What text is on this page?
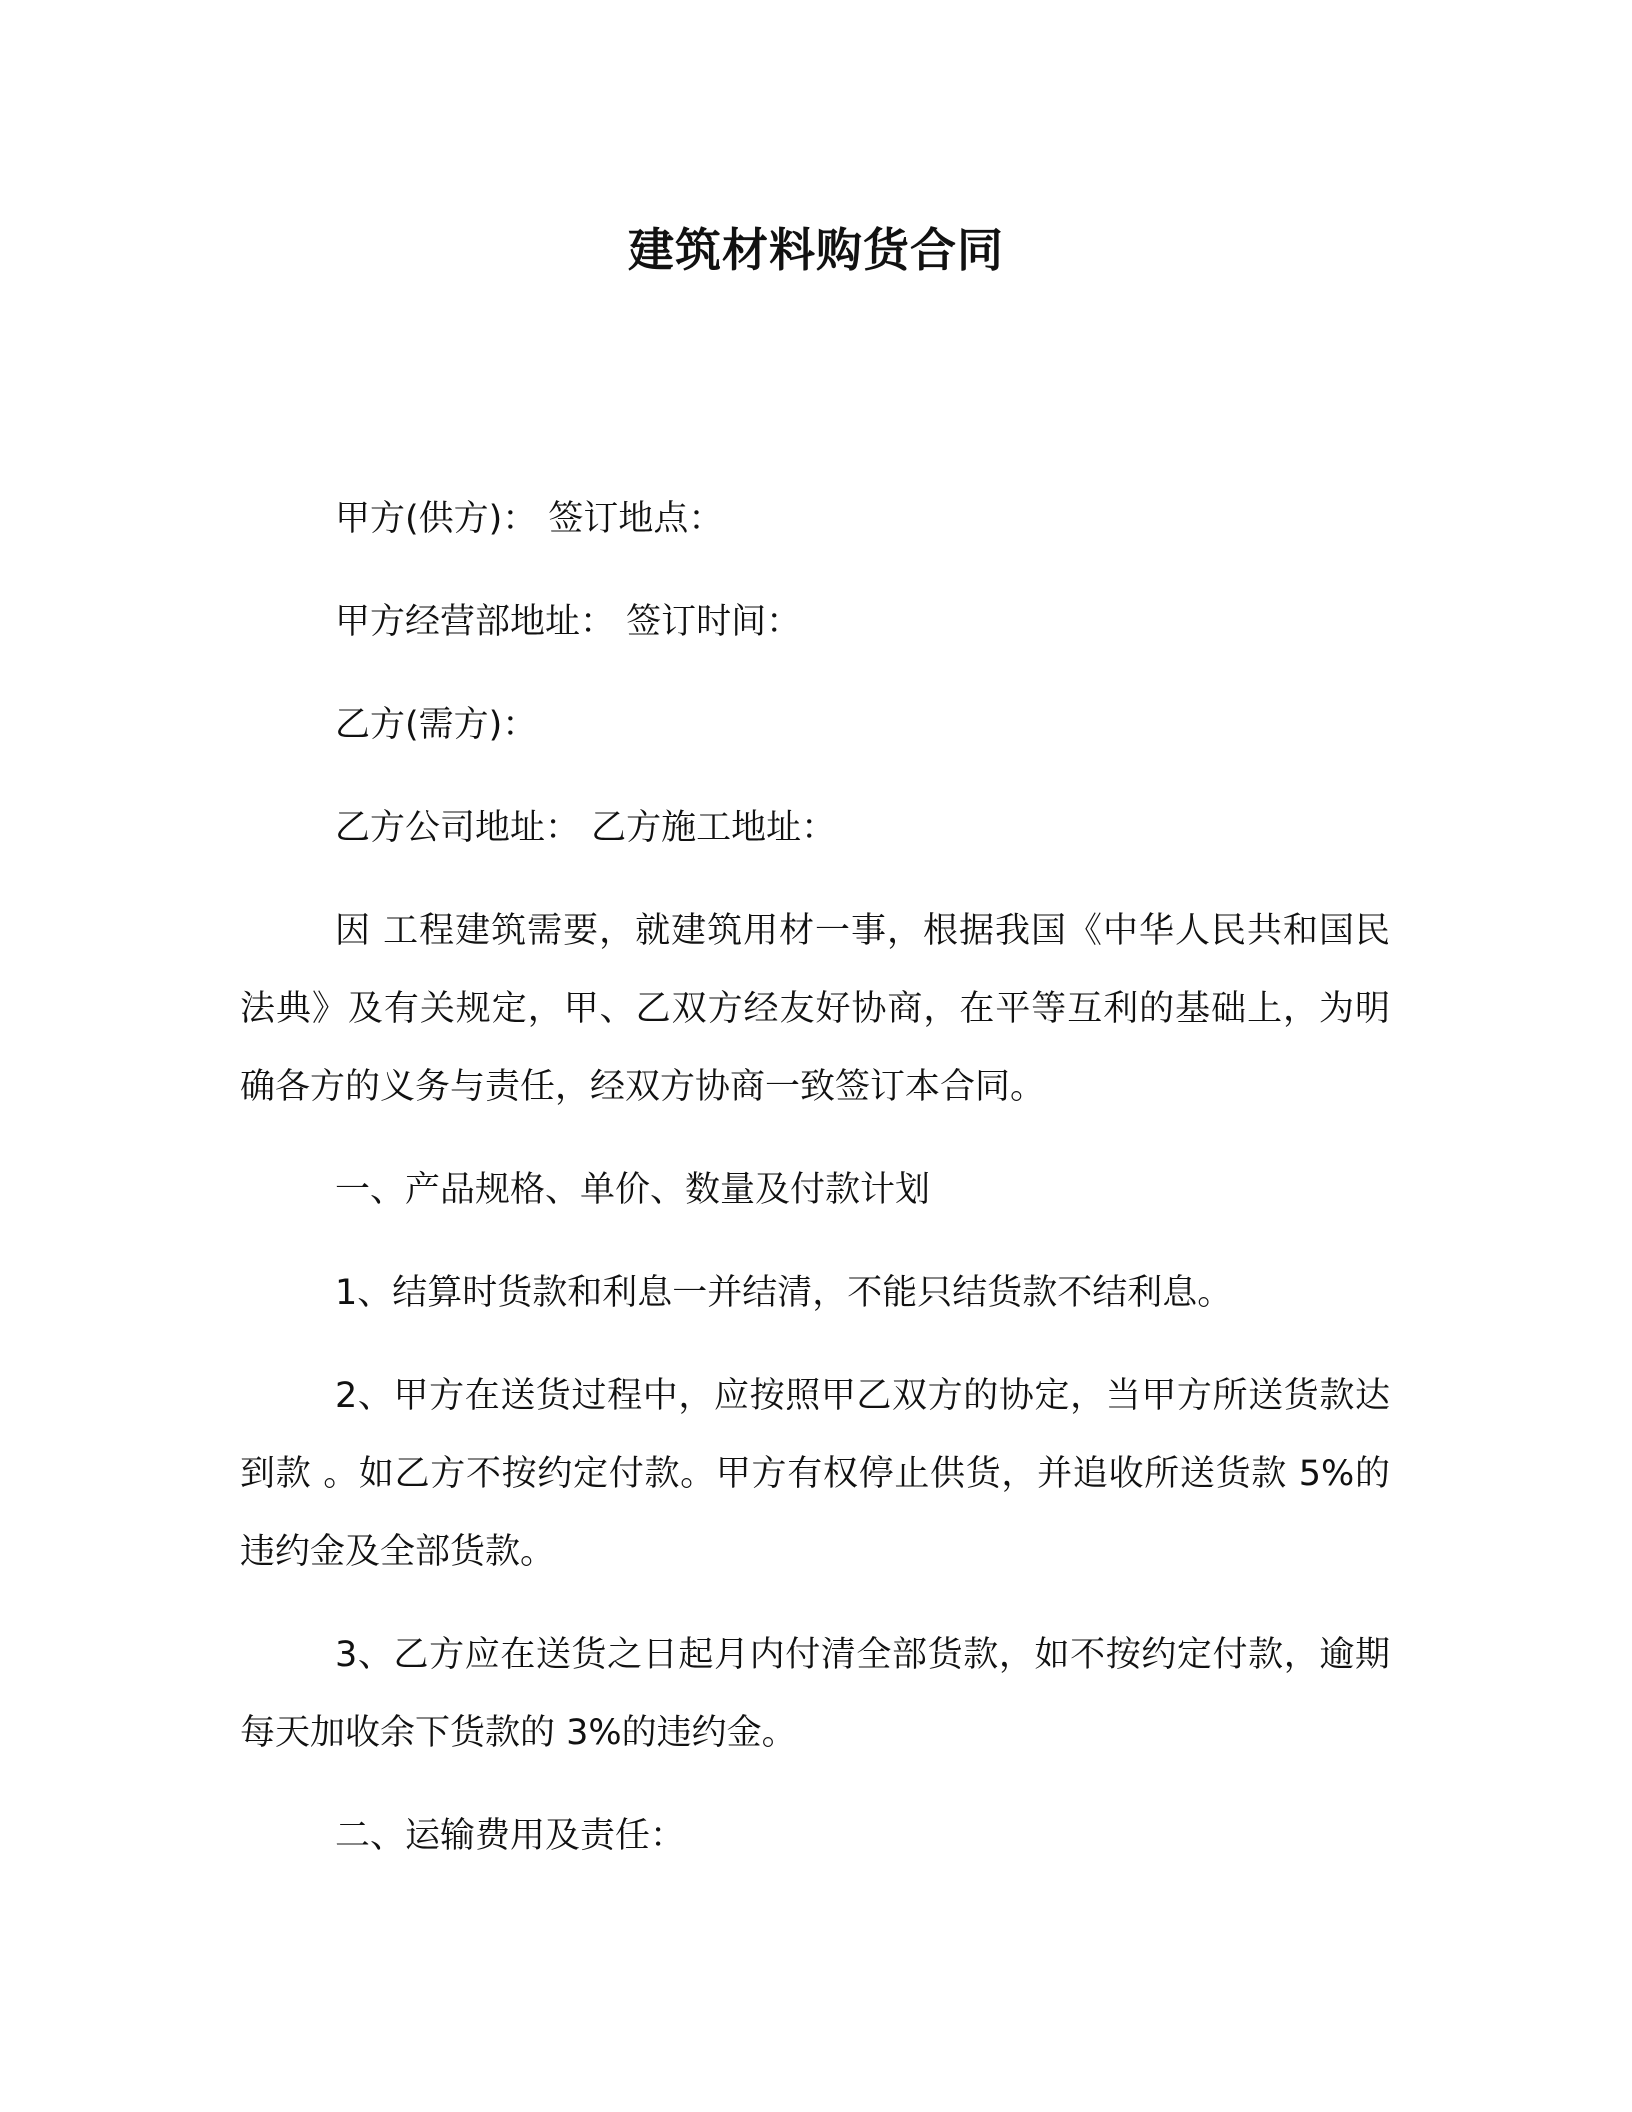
建筑材料购货合同

甲方(供方)： 签订地点：

甲方经营部地址： 签订时间：

乙方(需方)：

乙方公司地址： 乙方施工地址：

因 工程建筑需要，就建筑用材一事，根据我国《中华人民共和国民法典》及有关规定，甲、乙双方经友好协商，在平等互利的基础上，为明确各方的义务与责任，经双方协商一致签订本合同。

一、产品规格、单价、数量及付款计划

1、结算时货款和利息一并结清，不能只结货款不结利息。

2、甲方在送货过程中，应按照甲乙双方的协定，当甲方所送货款达到款 。如乙方不按约定付款。甲方有权停止供货，并追收所送货款 5%的违约金及全部货款。

3、乙方应在送货之日起月内付清全部货款，如不按约定付款，逾期每天加收余下货款的 3%的违约金。

二、运输费用及责任：
